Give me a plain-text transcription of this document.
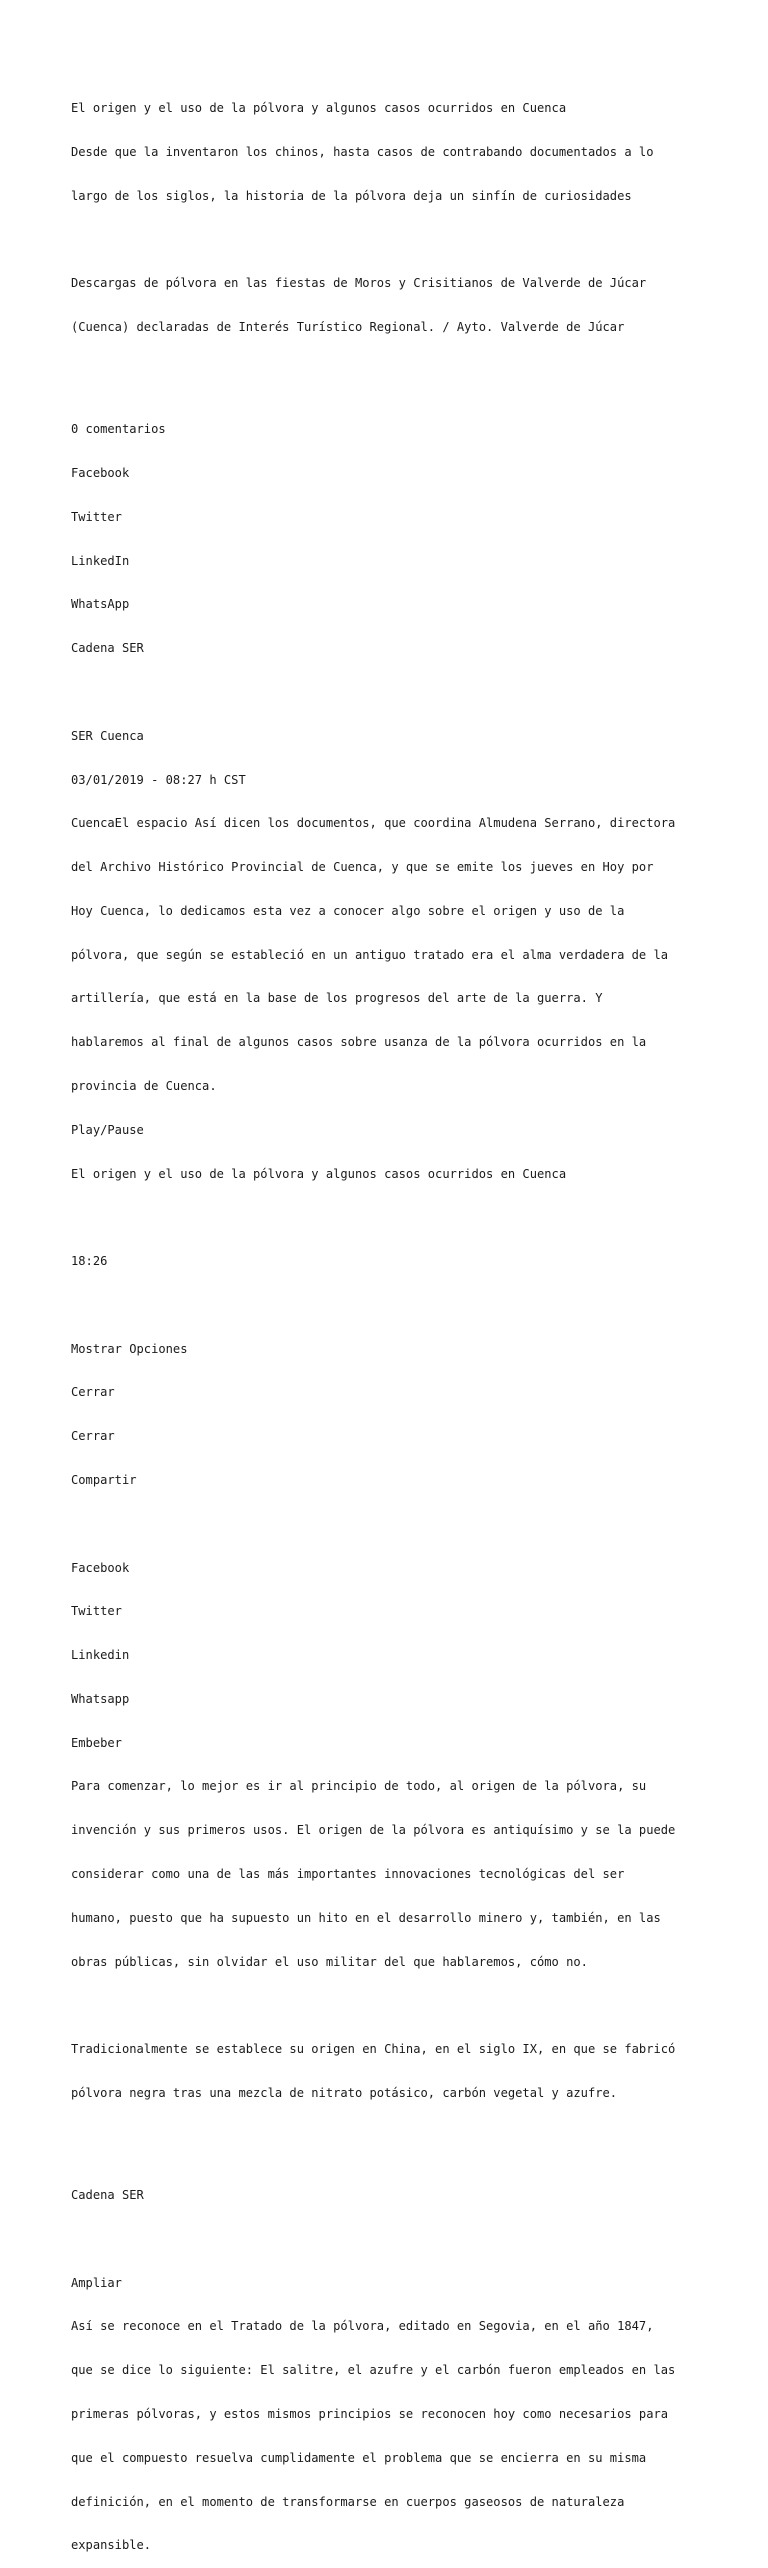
El origen y el uso de la pólvora y algunos casos ocurridos en Cuenca

Desde que la inventaron los chinos, hasta casos de contrabando documentados a lo

largo de los siglos, la historia de la pólvora deja un sinfín de curiosidades

Descargas de pólvora en las fiestas de Moros y Crisitianos de Valverde de Júcar

(Cuenca) declaradas de Interés Turístico Regional. / Ayto. Valverde de Júcar

0 comentarios

Facebook

Twitter

LinkedIn

WhatsApp

Cadena SER

SER Cuenca

03/01/2019 - 08:27 h CST

CuencaEl espacio Así dicen los documentos, que coordina Almudena Serrano, directora

del Archivo Histórico Provincial de Cuenca, y que se emite los jueves en Hoy por

Hoy Cuenca, lo dedicamos esta vez a conocer algo sobre el origen y uso de la

pólvora, que según se estableció en un antiguo tratado era el alma verdadera de la

artillería, que está en la base de los progresos del arte de la guerra. Y

hablaremos al final de algunos casos sobre usanza de la pólvora ocurridos en la

provincia de Cuenca.

Play/Pause

El origen y el uso de la pólvora y algunos casos ocurridos en Cuenca

18:26

Mostrar Opciones

Cerrar

Cerrar

Compartir

Facebook

Twitter

Linkedin

Whatsapp

Embeber

Para comenzar, lo mejor es ir al principio de todo, al origen de la pólvora, su

invención y sus primeros usos. El origen de la pólvora es antiquísimo y se la puede

considerar como una de las más importantes innovaciones tecnológicas del ser

humano, puesto que ha supuesto un hito en el desarrollo minero y, también, en las

obras públicas, sin olvidar el uso militar del que hablaremos, cómo no.

Tradicionalmente se establece su origen en China, en el siglo IX, en que se fabricó

pólvora negra tras una mezcla de nitrato potásico, carbón vegetal y azufre.

Cadena SER

Ampliar

Así se reconoce en el Tratado de la pólvora, editado en Segovia, en el año 1847,

que se dice lo siguiente: El salitre, el azufre y el carbón fueron empleados en las

primeras pólvoras, y estos mismos principios se reconocen hoy como necesarios para

que el compuesto resuelva cumplidamente el problema que se encierra en su misma

definición, en el momento de transformarse en cuerpos gaseosos de naturaleza

expansible.
